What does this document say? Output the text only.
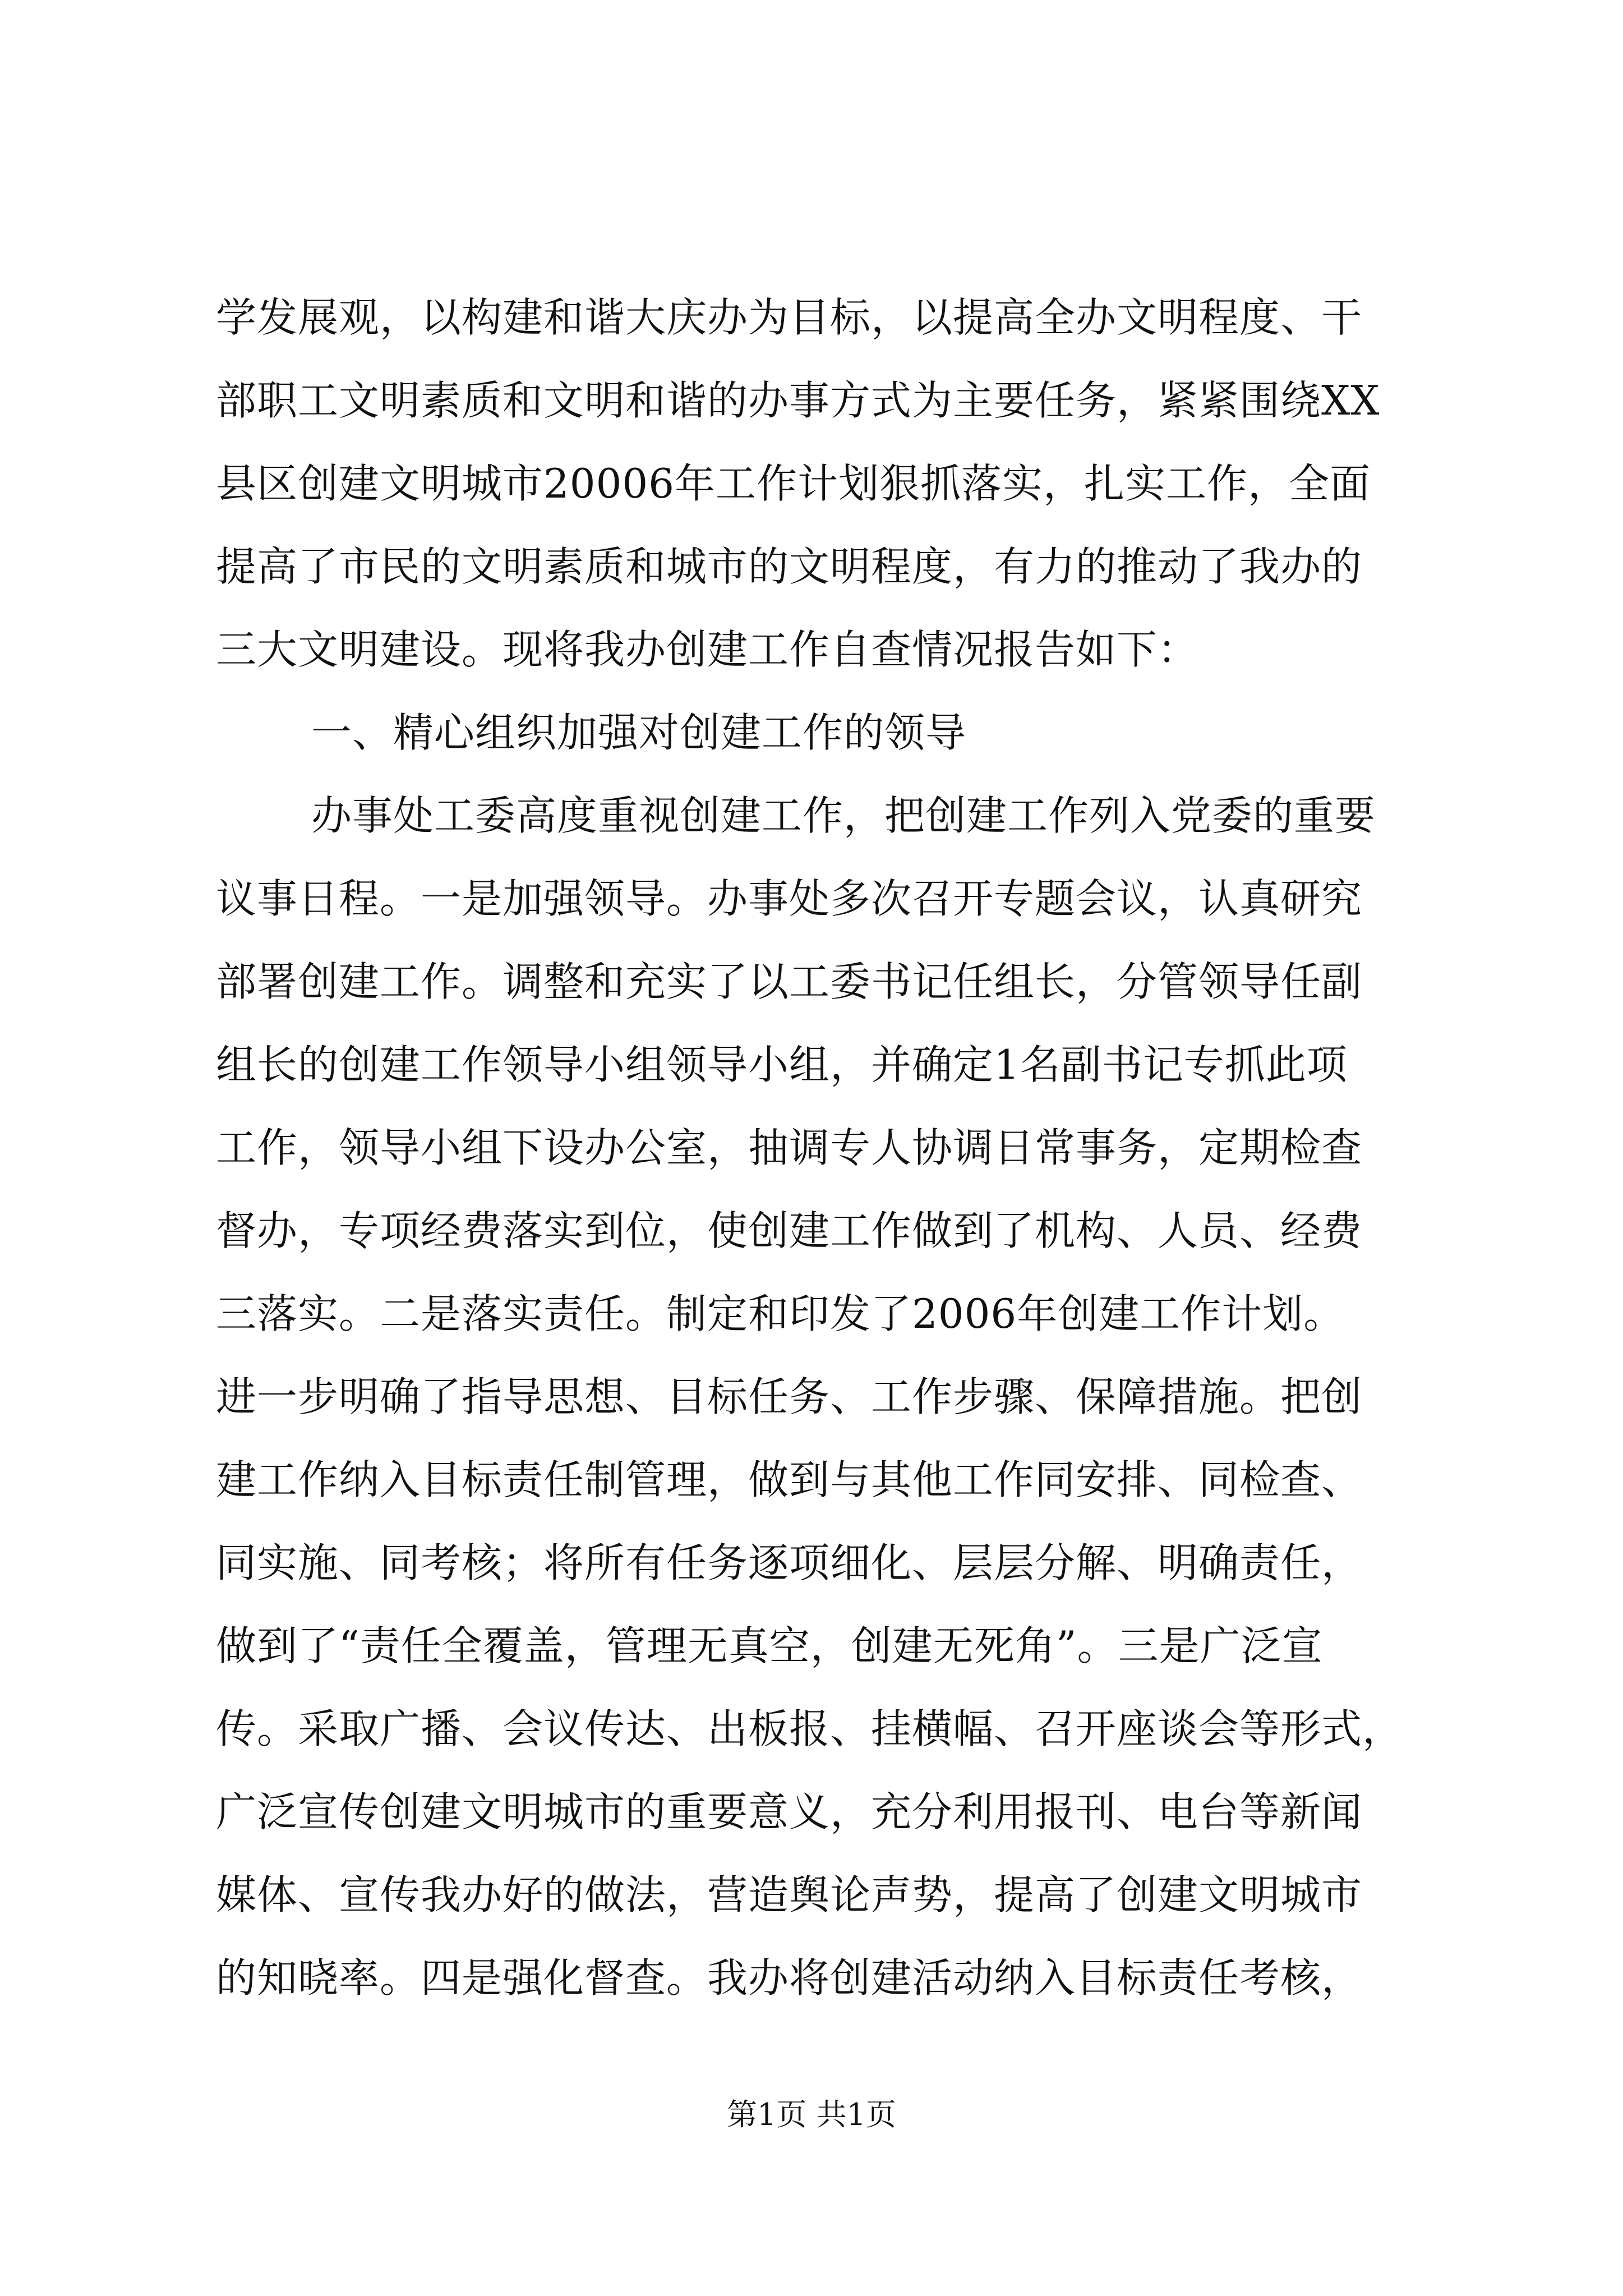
学发展观，以构建和谐大庆办为目标，以提高全办文明程度、干
部职工文明素质和文明和谐的办事方式为主要任务，紧紧围绕XX
县区创建文明城市20006年工作计划狠抓落实，扎实工作，全面
提高了市民的文明素质和城市的文明程度，有力的推动了我办的
三大文明建设。现将我办创建工作自查情况报告如下：
一、精心组织加强对创建工作的领导
办事处工委高度重视创建工作，把创建工作列入党委的重要
议事日程。一是加强领导。办事处多次召开专题会议，认真研究
部署创建工作。调整和充实了以工委书记任组长，分管领导任副
组长的创建工作领导小组领导小组，并确定1名副书记专抓此项
工作，领导小组下设办公室，抽调专人协调日常事务，定期检查
督办，专项经费落实到位，使创建工作做到了机构、人员、经费
三落实。二是落实责任。制定和印发了2006年创建工作计划。
进一步明确了指导思想、目标任务、工作步骤、保障措施。把创
建工作纳入目标责任制管理，做到与其他工作同安排、同检查、
同实施、同考核；将所有任务逐项细化、层层分解、明确责任，
做到了“责任全覆盖，管理无真空，创建无死角”。三是广泛宣
传。采取广播、会议传达、出板报、挂横幅、召开座谈会等形式，
广泛宣传创建文明城市的重要意义，充分利用报刊、电台等新闻
媒体、宣传我办好的做法，营造舆论声势，提高了创建文明城市
的知晓率。四是强化督查。我办将创建活动纳入目标责任考核，
第1页 共1页
